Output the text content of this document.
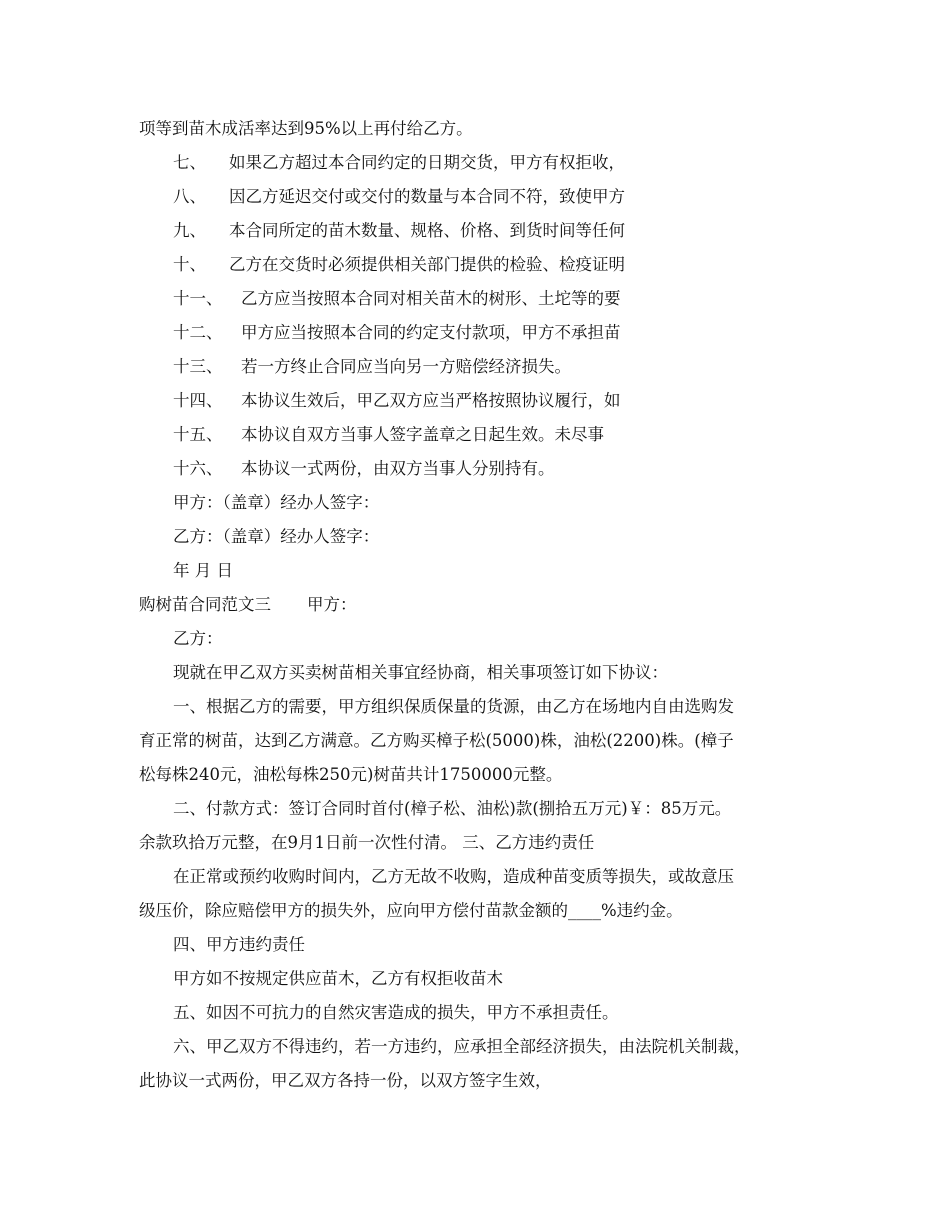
项等到苗木成活率达到95%以上再付给乙方。
七、 如果乙方超过本合同约定的日期交货，甲方有权拒收，
八、 因乙方延迟交付或交付的数量与本合同不符，致使甲方
九、 本合同所定的苗木数量、规格、价格、到货时间等任何
十、 乙方在交货时必须提供相关部门提供的检验、检疫证明
十一、 乙方应当按照本合同对相关苗木的树形、土坨等的要
十二、 甲方应当按照本合同的约定支付款项，甲方不承担苗
十三、 若一方终止合同应当向另一方赔偿经济损失。
十四、 本协议生效后，甲乙双方应当严格按照协议履行，如
十五、 本协议自双方当事人签字盖章之日起生效。未尽事
十六、 本协议一式两份，由双方当事人分别持有。
甲方：（盖章）经办人签字：
乙方：（盖章）经办人签字：
年 月 日
购树苗合同范文三 甲方：
乙方：
现就在甲乙双方买卖树苗相关事宜经协商，相关事项签订如下协议：
一、根据乙方的需要，甲方组织保质保量的货源，由乙方在场地内自由选购发
育正常的树苗，达到乙方满意。乙方购买樟子松(5000)株，油松(2200)株。(樟子
松每株240元，油松每株250元)树苗共计1750000元整。
二、付款方式：签订合同时首付(樟子松、油松)款(捌拾五万元)￥：85万元。
余款玖拾万元整，在9月1日前一次性付清。 三、乙方违约责任
在正常或预约收购时间内，乙方无故不收购，造成种苗变质等损失，或故意压
级压价，除应赔偿甲方的损失外，应向甲方偿付苗款金额的____%违约金。
四、甲方违约责任
甲方如不按规定供应苗木，乙方有权拒收苗木
五、如因不可抗力的自然灾害造成的损失，甲方不承担责任。
六、甲乙双方不得违约，若一方违约，应承担全部经济损失，由法院机关制裁，
此协议一式两份，甲乙双方各持一份，以双方签字生效，
